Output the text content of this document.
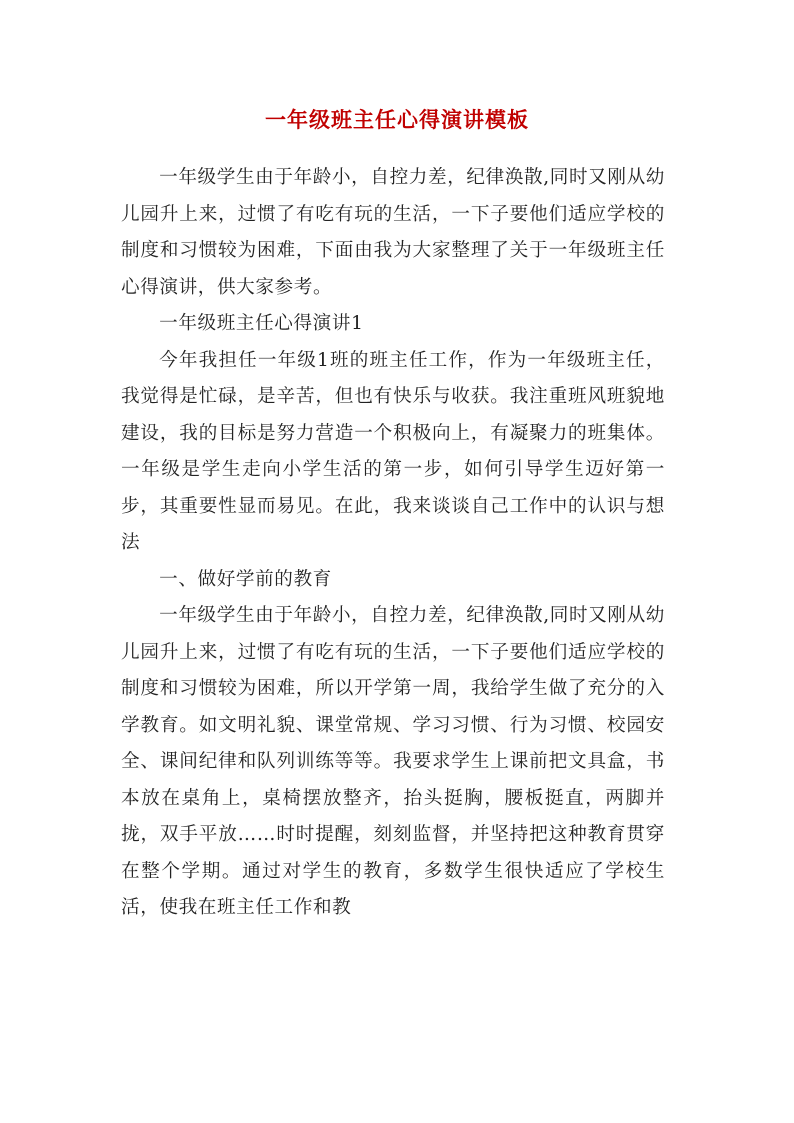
一年级班主任心得演讲模板

一年级学生由于年龄小，自控力差，纪律涣散,同时又刚从幼儿园升上来，过惯了有吃有玩的生活，一下子要他们适应学校的制度和习惯较为困难，下面由我为大家整理了关于一年级班主任心得演讲，供大家参考。

一年级班主任心得演讲1

今年我担任一年级1班的班主任工作，作为一年级班主任，我觉得是忙碌，是辛苦，但也有快乐与收获。我注重班风班貌地建设，我的目标是努力营造一个积极向上，有凝聚力的班集体。一年级是学生走向小学生活的第一步，如何引导学生迈好第一步，其重要性显而易见。在此，我来谈谈自己工作中的认识与想法

一、做好学前的教育

一年级学生由于年龄小，自控力差，纪律涣散,同时又刚从幼儿园升上来，过惯了有吃有玩的生活，一下子要他们适应学校的制度和习惯较为困难，所以开学第一周，我给学生做了充分的入学教育。如文明礼貌、课堂常规、学习习惯、行为习惯、校园安全、课间纪律和队列训练等等。我要求学生上课前把文具盒，书本放在桌角上，桌椅摆放整齐，抬头挺胸，腰板挺直，两脚并拢，双手平放……时时提醒，刻刻监督，并坚持把这种教育贯穿在整个学期。通过对学生的教育，多数学生很快适应了学校生活，使我在班主任工作和教
